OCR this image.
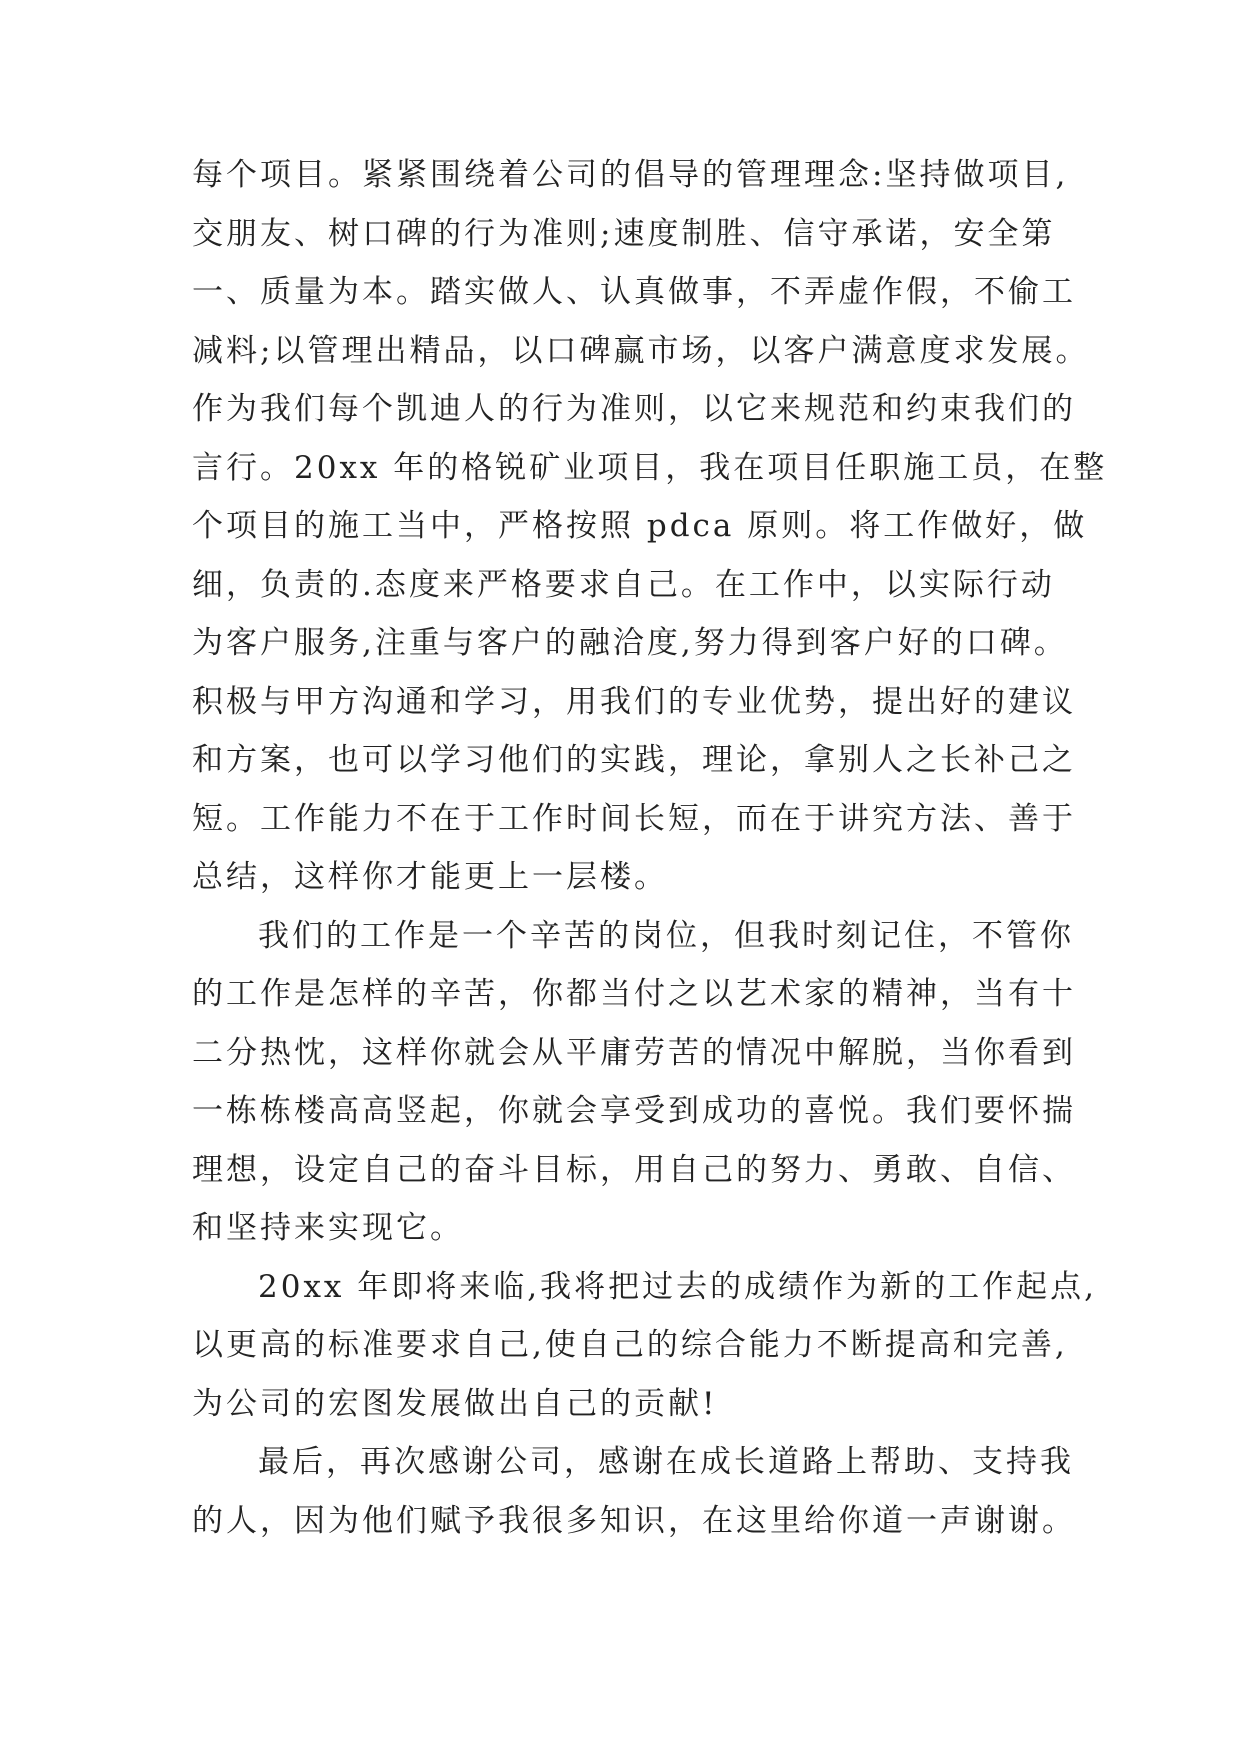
每个项目。紧紧围绕着公司的倡导的管理理念:坚持做项目,
交朋友、树口碑的行为准则;速度制胜、信守承诺，安全第
一、质量为本。踏实做人、认真做事，不弄虚作假，不偷工
减料;以管理出精品，以口碑赢市场，以客户满意度求发展。
作为我们每个凯迪人的行为准则，以它来规范和约束我们的
言行。20xx 年的格锐矿业项目，我在项目任职施工员，在整
个项目的施工当中，严格按照 pdca 原则。将工作做好，做
细，负责的.态度来严格要求自己。在工作中，以实际行动
为客户服务,注重与客户的融洽度,努力得到客户好的口碑。
积极与甲方沟通和学习，用我们的专业优势，提出好的建议
和方案，也可以学习他们的实践，理论，拿别人之长补己之
短。工作能力不在于工作时间长短，而在于讲究方法、善于
总结，这样你才能更上一层楼。
我们的工作是一个辛苦的岗位，但我时刻记住，不管你
的工作是怎样的辛苦，你都当付之以艺术家的精神，当有十
二分热忱，这样你就会从平庸劳苦的情况中解脱，当你看到
一栋栋楼高高竖起，你就会享受到成功的喜悦。我们要怀揣
理想，设定自己的奋斗目标，用自己的努力、勇敢、自信、
和坚持来实现它。
20xx 年即将来临,我将把过去的成绩作为新的工作起点,
以更高的标准要求自己,使自己的综合能力不断提高和完善,
为公司的宏图发展做出自己的贡献!
最后，再次感谢公司，感谢在成长道路上帮助、支持我
的人，因为他们赋予我很多知识，在这里给你道一声谢谢。
